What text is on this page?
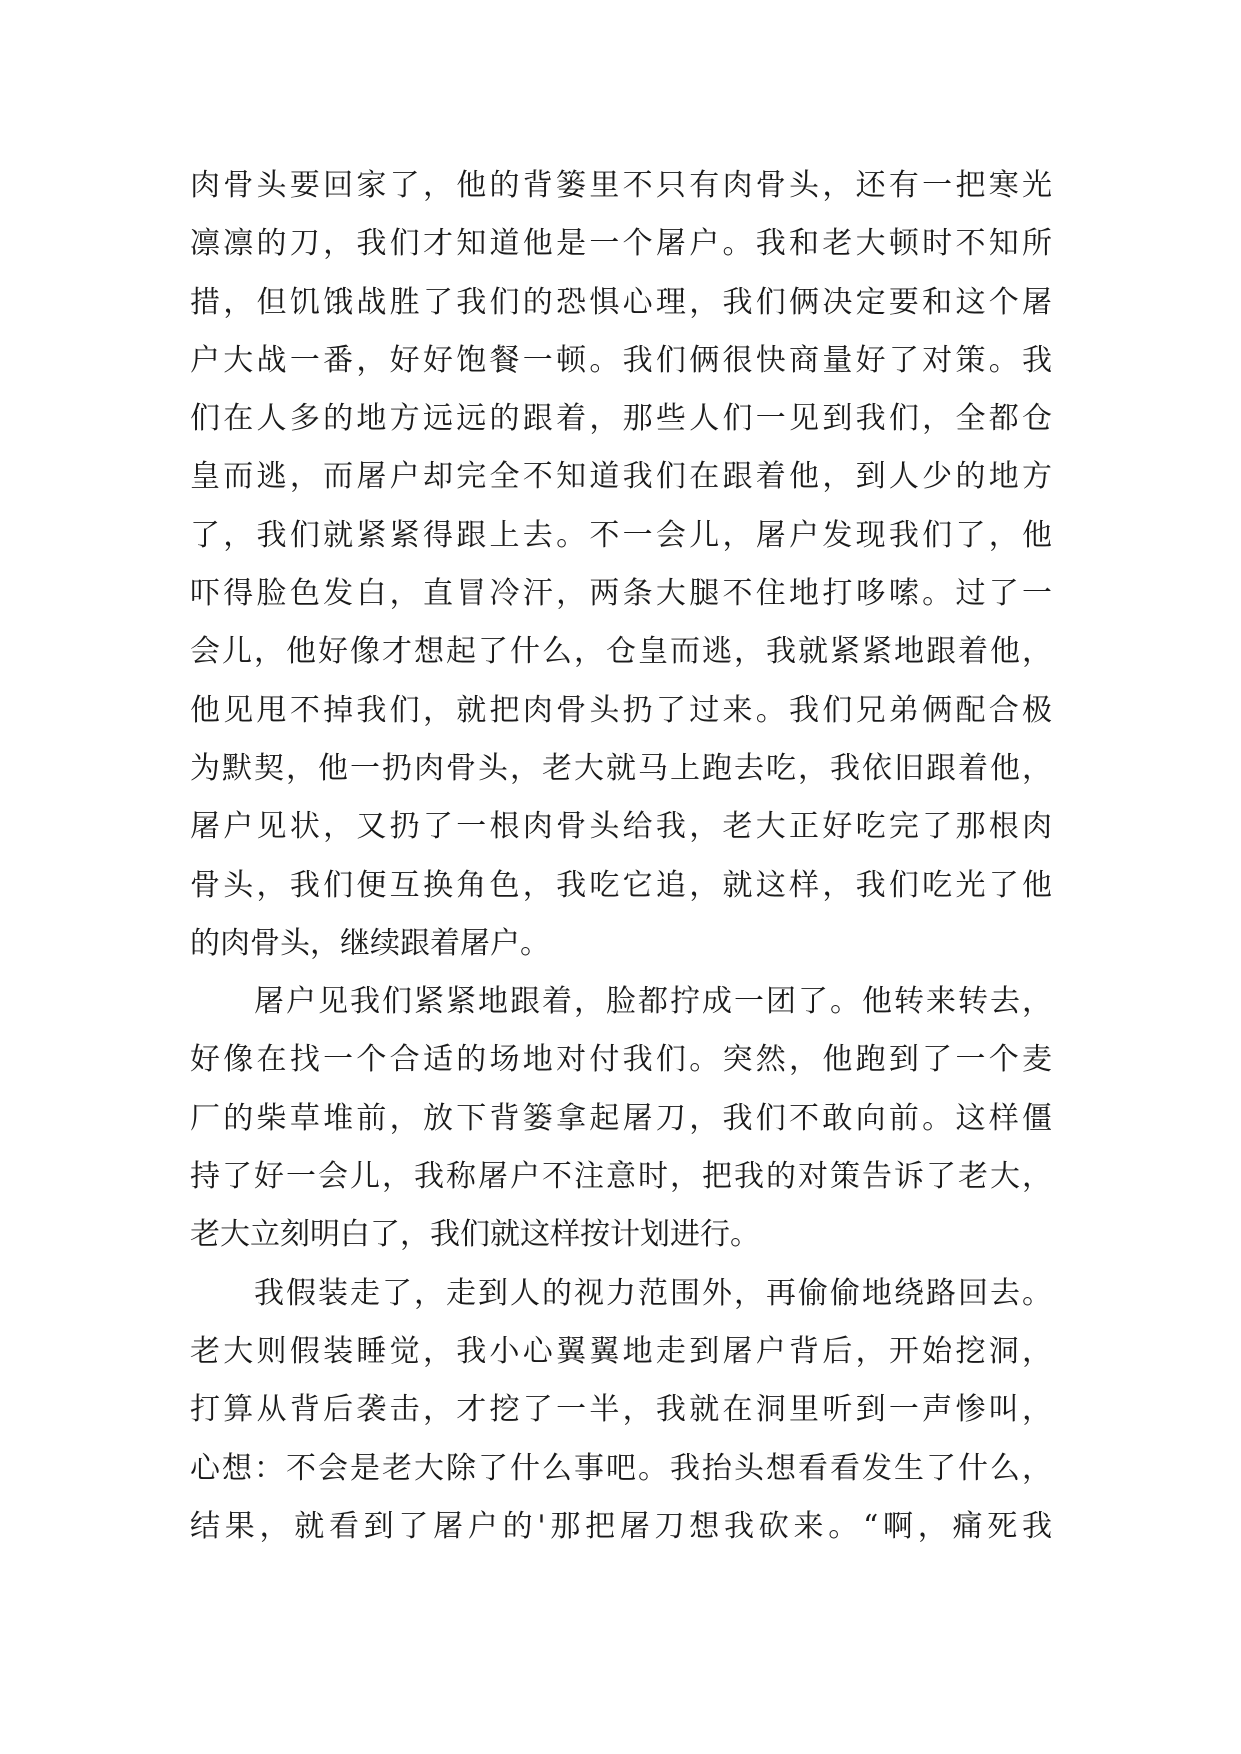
肉骨头要回家了，他的背篓里不只有肉骨头，还有一把寒光
凛凛的刀，我们才知道他是一个屠户。我和老大顿时不知所
措，但饥饿战胜了我们的恐惧心理，我们俩决定要和这个屠
户大战一番，好好饱餐一顿。我们俩很快商量好了对策。我
们在人多的地方远远的跟着，那些人们一见到我们，全都仓
皇而逃，而屠户却完全不知道我们在跟着他，到人少的地方
了，我们就紧紧得跟上去。不一会儿，屠户发现我们了，他
吓得脸色发白，直冒冷汗，两条大腿不住地打哆嗦。过了一
会儿，他好像才想起了什么，仓皇而逃，我就紧紧地跟着他，
他见甩不掉我们，就把肉骨头扔了过来。我们兄弟俩配合极
为默契，他一扔肉骨头，老大就马上跑去吃，我依旧跟着他，
屠户见状，又扔了一根肉骨头给我，老大正好吃完了那根肉
骨头，我们便互换角色，我吃它追，就这样，我们吃光了他
的肉骨头，继续跟着屠户。
屠户见我们紧紧地跟着，脸都拧成一团了。他转来转去，
好像在找一个合适的场地对付我们。突然，他跑到了一个麦
厂的柴草堆前，放下背篓拿起屠刀，我们不敢向前。这样僵
持了好一会儿，我称屠户不注意时，把我的对策告诉了老大，
老大立刻明白了，我们就这样按计划进行。
我假装走了，走到人的视力范围外，再偷偷地绕路回去。
老大则假装睡觉，我小心翼翼地走到屠户背后，开始挖洞，
打算从背后袭击，才挖了一半，我就在洞里听到一声惨叫，
心想：不会是老大除了什么事吧。我抬头想看看发生了什么，
结果，就看到了屠户的'那把屠刀想我砍来。“啊，痛死我
